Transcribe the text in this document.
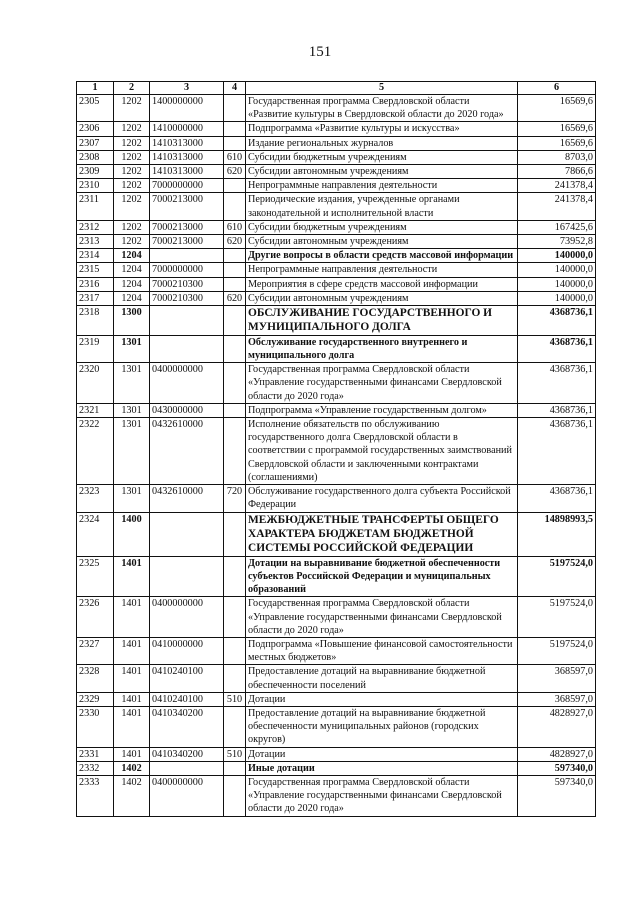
151
1	2	3	4	5	6
2305	1202	1400000000		Государственная программа Свердловской области «Развитие культуры в Свердловской области до 2020 года»	16569,6
2306	1202	1410000000		Подпрограмма «Развитие культуры и искусства»	16569,6
2307	1202	1410313000		Издание региональных журналов	16569,6
2308	1202	1410313000	610	Субсидии бюджетным учреждениям	8703,0
2309	1202	1410313000	620	Субсидии автономным учреждениям	7866,6
2310	1202	7000000000		Непрограммные направления деятельности	241378,4
2311	1202	7000213000		Периодические издания, учрежденные органами законодательной и исполнительной власти	241378,4
2312	1202	7000213000	610	Субсидии бюджетным учреждениям	167425,6
2313	1202	7000213000	620	Субсидии автономным учреждениям	73952,8
2314	1204			Другие вопросы в области средств массовой информации	140000,0
2315	1204	7000000000		Непрограммные направления деятельности	140000,0
2316	1204	7000210300		Мероприятия в сфере средств массовой информации	140000,0
2317	1204	7000210300	620	Субсидии автономным учреждениям	140000,0
2318	1300			ОБСЛУЖИВАНИЕ ГОСУДАРСТВЕННОГО И МУНИЦИПАЛЬНОГО ДОЛГА	4368736,1
2319	1301			Обслуживание государственного внутреннего и муниципального долга	4368736,1
2320	1301	0400000000		Государственная программа Свердловской области «Управление государственными финансами Свердловской области до 2020 года»	4368736,1
2321	1301	0430000000		Подпрограмма «Управление государственным долгом»	4368736,1
2322	1301	0432610000		Исполнение обязательств по обслуживанию государственного долга Свердловской области в соответствии с программой государственных заимствований Свердловской области и заключенными контрактами (соглашениями)	4368736,1
2323	1301	0432610000	720	Обслуживание государственного долга субъекта Российской Федерации	4368736,1
2324	1400			МЕЖБЮДЖЕТНЫЕ ТРАНСФЕРТЫ ОБЩЕГО ХАРАКТЕРА БЮДЖЕТАМ БЮДЖЕТНОЙ СИСТЕМЫ РОССИЙСКОЙ ФЕДЕРАЦИИ	14898993,5
2325	1401			Дотации на выравнивание бюджетной обеспеченности субъектов Российской Федерации и муниципальных образований	5197524,0
2326	1401	0400000000		Государственная программа Свердловской области «Управление государственными финансами Свердловской области до 2020 года»	5197524,0
2327	1401	0410000000		Подпрограмма «Повышение финансовой самостоятельности местных бюджетов»	5197524,0
2328	1401	0410240100		Предоставление дотаций на выравнивание бюджетной обеспеченности поселений	368597,0
2329	1401	0410240100	510	Дотации	368597,0
2330	1401	0410340200		Предоставление дотаций на выравнивание бюджетной обеспеченности муниципальных районов (городских округов)	4828927,0
2331	1401	0410340200	510	Дотации	4828927,0
2332	1402			Иные дотации	597340,0
2333	1402	0400000000		Государственная программа Свердловской области «Управление государственными финансами Свердловской области до 2020 года»	597340,0
